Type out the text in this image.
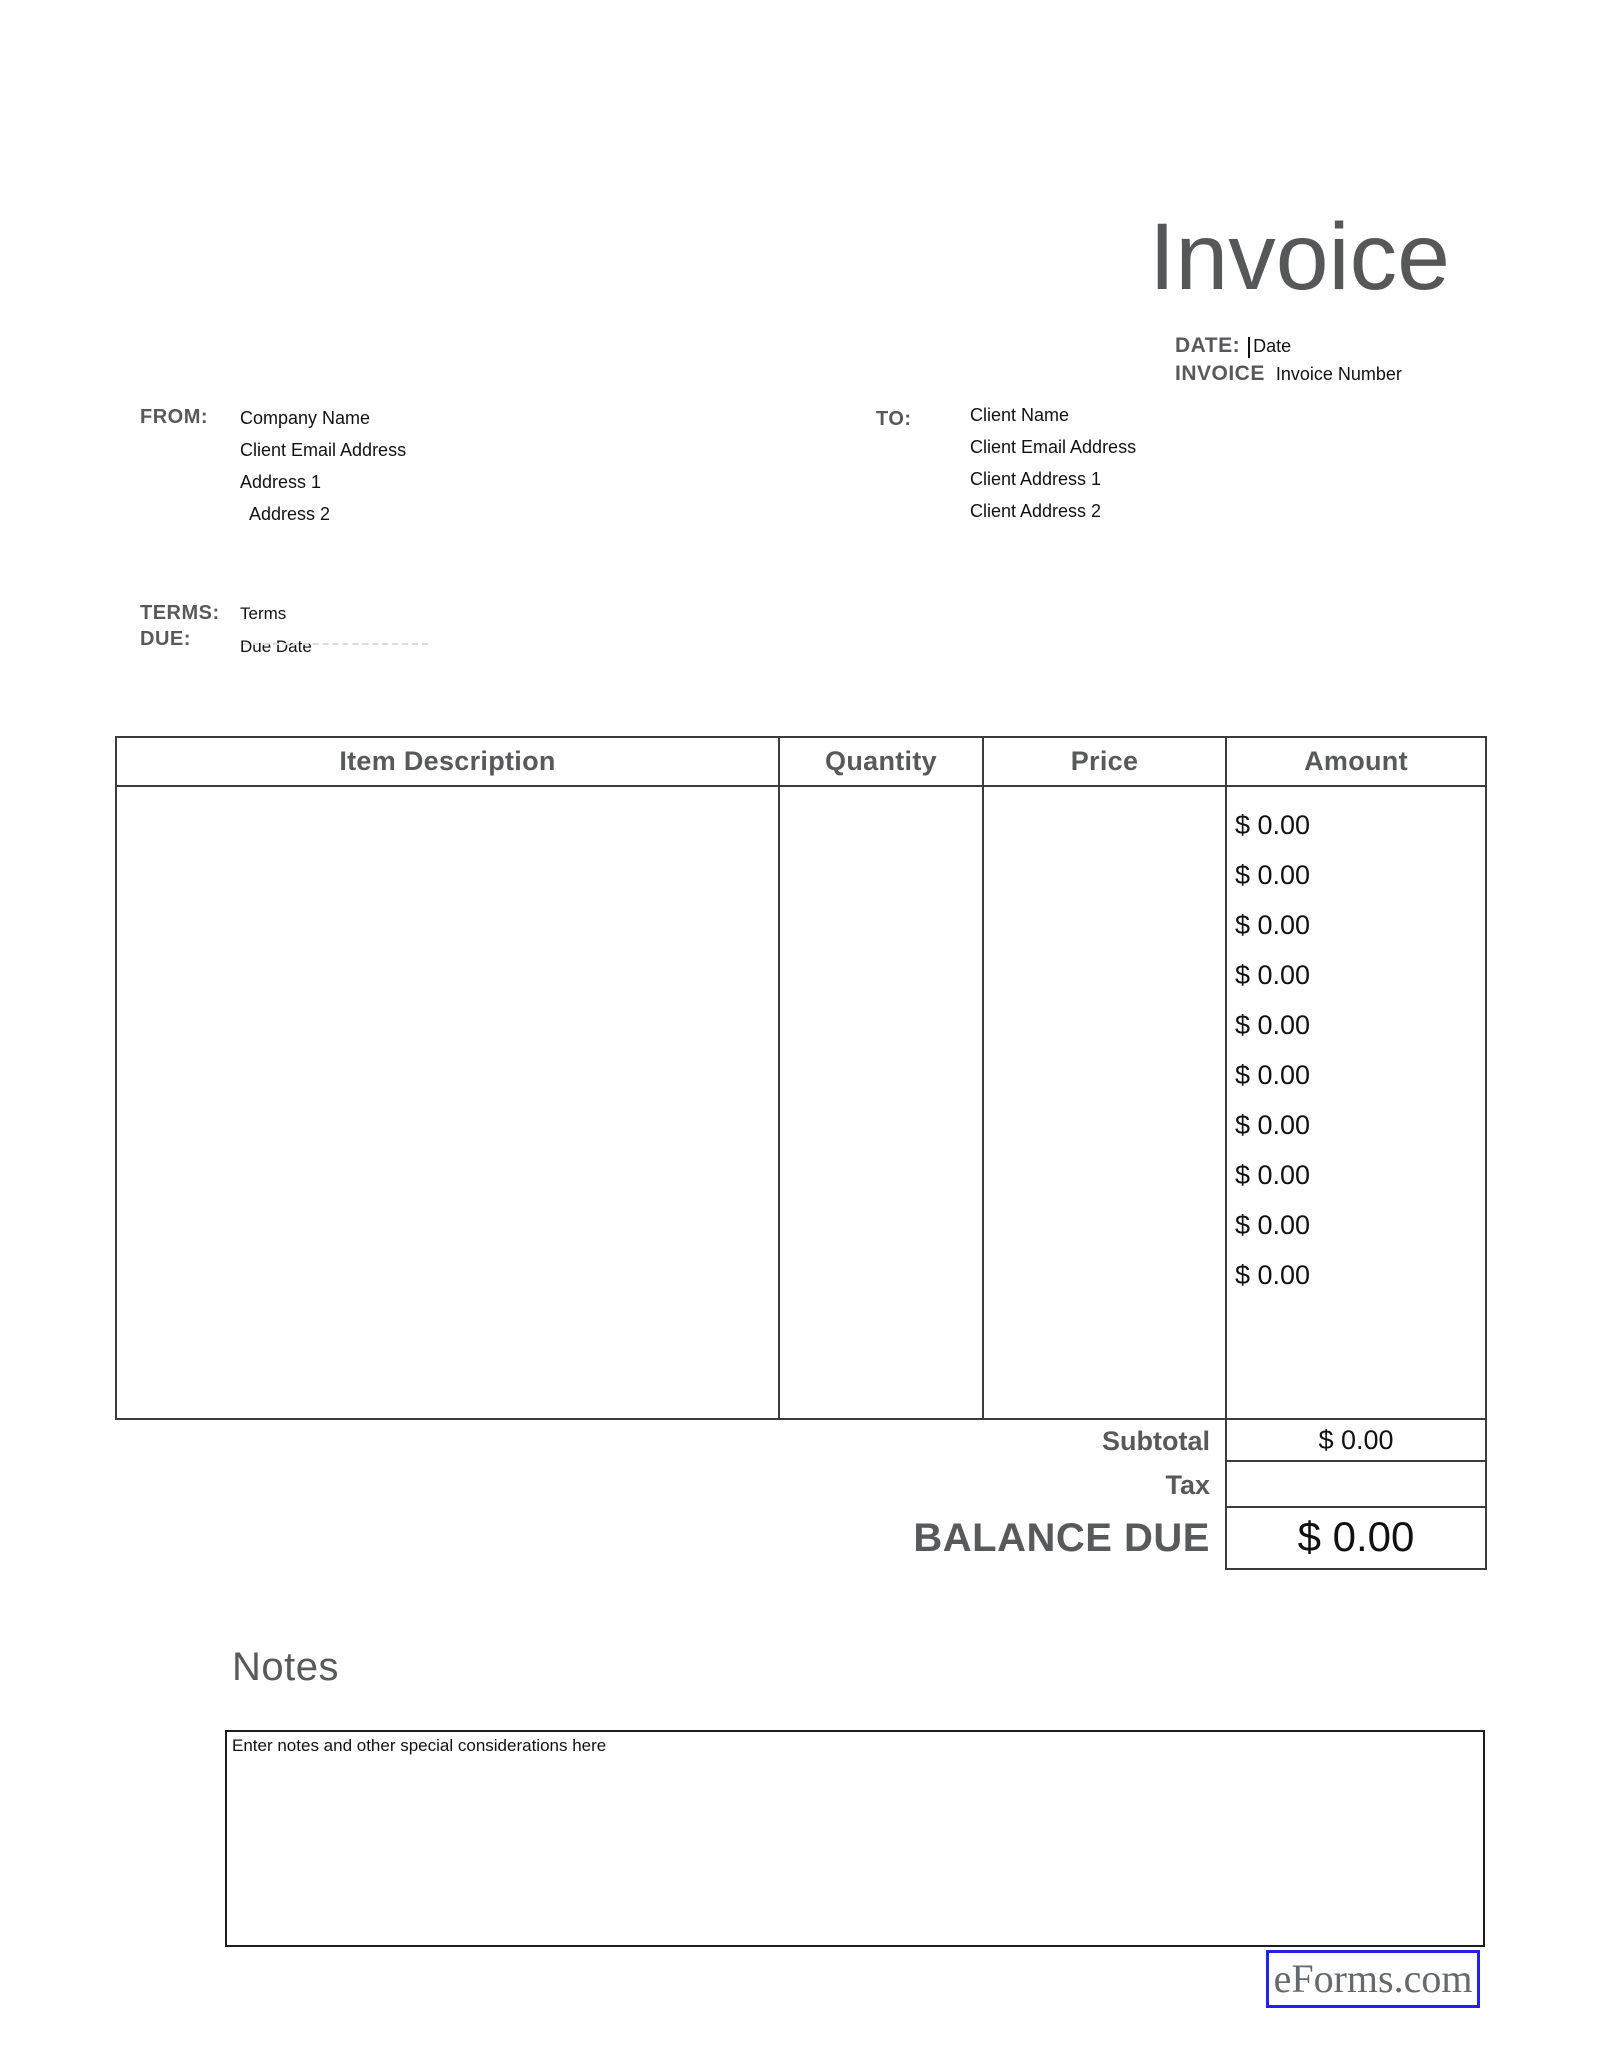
Invoice
DATE: Date
INVOICE Invoice Number
FROM: Company Name
Client Email Address
Address 1
Address 2
TO:	Client Name
Client Email Address
Client Address 1
Client Address 2
TERMS: Terms
DUE:	Due Date
Item Description	Quantity	Price	Amount
$ 0.00
$ 0.00
$ 0.00
$ 0.00
$ 0.00
$ 0.00
$ 0.00
$ 0.00
$ 0.00
$ 0.00
Subtotal	$ 0.00
Tax
BALANCE DUE	$ 0.00
Notes
Enter notes and other special considerations here
eForms.com
